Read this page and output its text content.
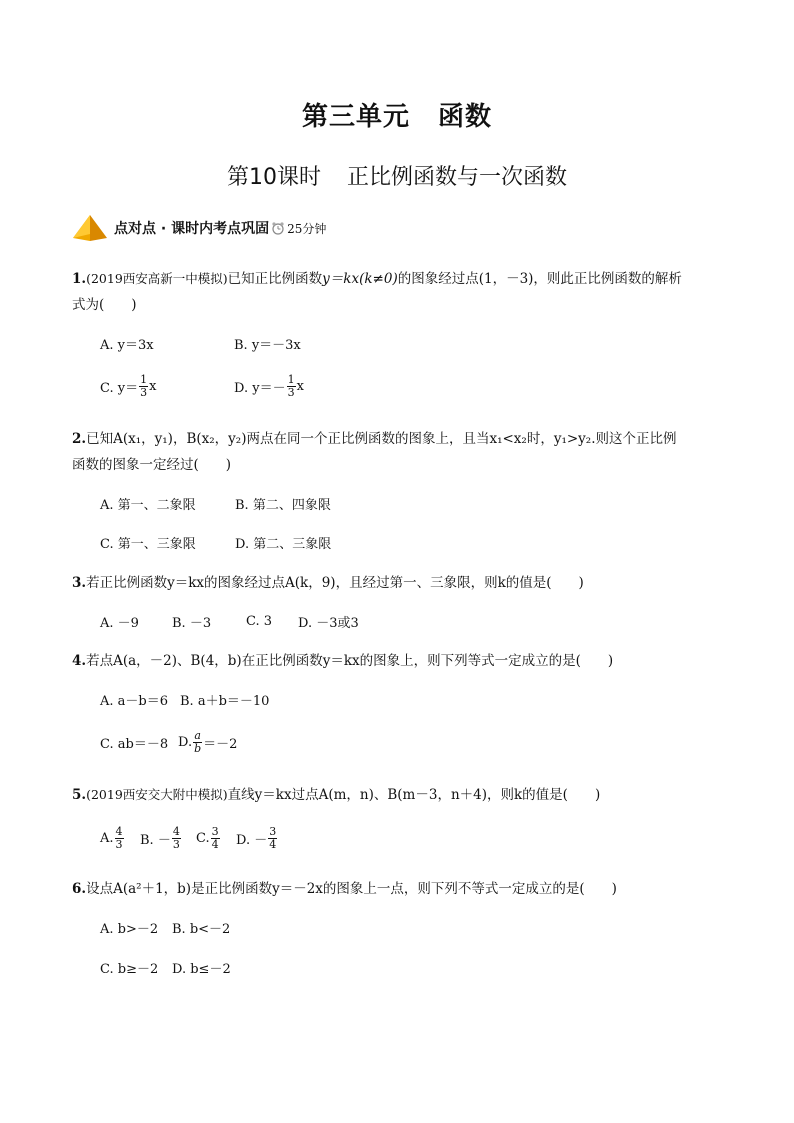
第三单元 函数
第10课时 正比例函数与一次函数
点对点 · 课时内考点巩固 25分钟
1.(2019西安高新一中模拟)已知正比例函数y＝kx(k≠0)的图象经过点(1，－3)，则此正比例函数的解析
式为(　　)
A. y＝3x	B. y＝－3x
C. $y= \frac{1}{3}$ x	D. $y=- \frac{1}{3}$ x
2.已知A(x₁，y₁)，B(x₂，y₂)两点在同一个正比例函数的图象上，且当x₁<x₂时，y₁>y₂.则这个正比例
函数的图象一定经过(　　)
A. 第一、二象限	B. 第二、四象限
C. 第一、三象限	D. 第二、三象限
3.若正比例函数y＝kx的图象经过点A(k，9)，且经过第一、三象限，则k的值是(　　)
A. －9	B. －3	C. 3	D. －3或3
4.若点A(a，－2)、B(4，b)在正比例函数y＝kx的图象上，则下列等式一定成立的是(　　)
A. a－b＝6 B. a＋b＝－10
C. ab＝－8 D. $\frac{a}{b} =-2$
5.(2019西安交大附中模拟)直线y＝kx过点A(m，n)、B(m－3，n＋4)，则k的值是(　　)
A. $\frac{4}{3} B$. － $\frac{4}{3} C$. $\frac{3}{4} D$. － $\frac{3}{4}$
6.设点A(a²＋1，b)是正比例函数y＝－2x的图象上一点，则下列不等式一定成立的是(　　)
A. b>－2	B. b<－2
C. b≥－2	D. b≤－2
